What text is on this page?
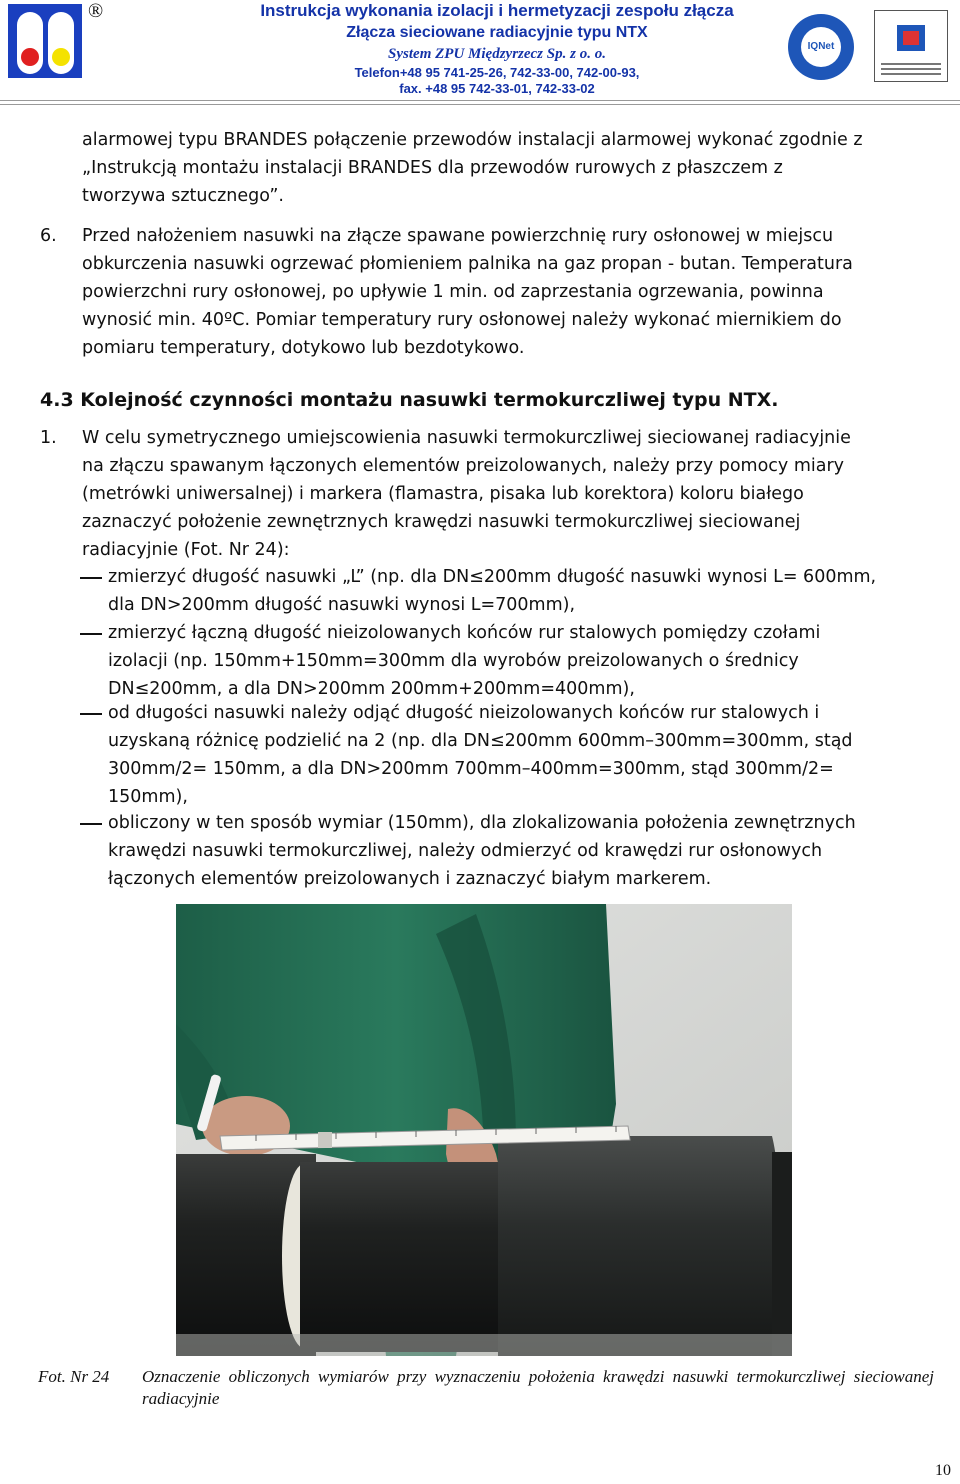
®	Instrukcja wykonania izolacji i hermetyzacji zespołu złącza
Złącza sieciowane radiacyjnie typu NTX
System ZPU Międzyrzecz Sp. z o. o.
Telefon+48 95 741-25-26, 742-33-00, 742-00-93,
fax. +48 95 742-33-01, 742-33-02
IQNet
alarmowej typu BRANDES połączenie przewodów instalacji alarmowej wykonać zgodnie z
„Instrukcją montażu instalacji BRANDES dla przewodów rurowych z płaszczem z
tworzywa sztucznego”.
6. Przed nałożeniem nasuwki na złącze spawane powierzchnię rury osłonowej w miejscu
obkurczenia nasuwki ogrzewać płomieniem palnika na gaz propan - butan. Temperatura
powierzchni rury osłonowej, po upływie 1 min. od zaprzestania ogrzewania, powinna
wynosić min. 40ºC. Pomiar temperatury rury osłonowej należy wykonać miernikiem do
pomiaru temperatury, dotykowo lub bezdotykowo.
4.3 Kolejność czynności montażu nasuwki termokurczliwej typu NTX.
1. W celu symetrycznego umiejscowienia nasuwki termokurczliwej sieciowanej radiacyjnie
na złączu spawanym łączonych elementów preizolowanych, należy przy pomocy miary
(metrówki uniwersalnej) i markera (flamastra, pisaka lub korektora) koloru białego
zaznaczyć położenie zewnętrznych krawędzi nasuwki termokurczliwej sieciowanej
radiacyjnie (Fot. Nr 24):
zmierzyć długość nasuwki „L” (np. dla DN≤200mm długość nasuwki wynosi L= 600mm,
dla DN>200mm długość nasuwki wynosi L=700mm),
zmierzyć łączną długość nieizolowanych końców rur stalowych pomiędzy czołami
izolacji (np. 150mm+150mm=300mm dla wyrobów preizolowanych o średnicy
DN≤200mm, a dla DN>200mm 200mm+200mm=400mm),
od długości nasuwki należy odjąć długość nieizolowanych końców rur stalowych i
uzyskaną różnicę podzielić na 2 (np. dla DN≤200mm 600mm–300mm=300mm, stąd
300mm/2= 150mm, a dla DN>200mm 700mm–400mm=300mm, stąd 300mm/2=
150mm),
obliczony w ten sposób wymiar (150mm), dla zlokalizowania położenia zewnętrznych
krawędzi nasuwki termokurczliwej, należy odmierzyć od krawędzi rur osłonowych
łączonych elementów preizolowanych i zaznaczyć białym markerem.
Fot. Nr 24 Oznaczenie obliczonych wymiarów przy wyznaczeniu położenia krawędzi nasuwki termokurczliwej sieciowanej radiacyjnie
10
